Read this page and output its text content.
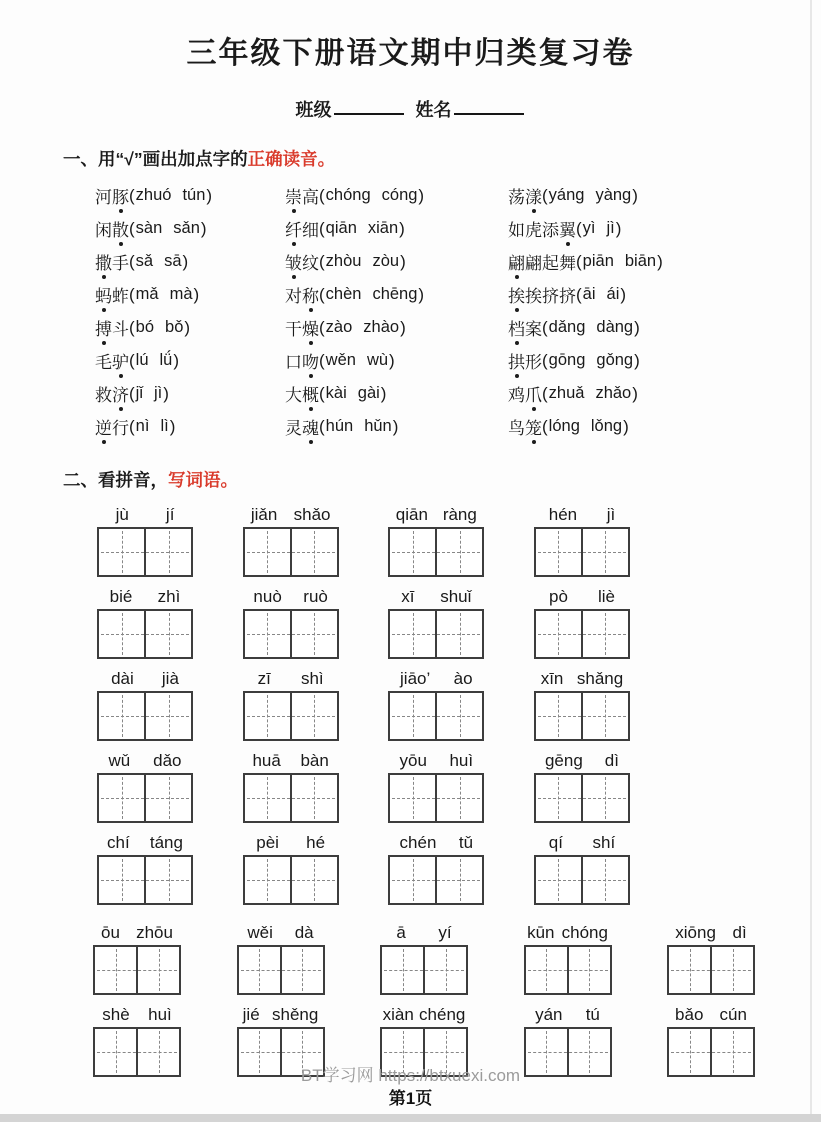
三年级下册语文期中归类复习卷
班级	姓名
一、用“√”画出加点字的正确读音。
河豚 ( zhuó tún )
闲散 ( sàn sǎn )
撒手 ( sǎ sā )
蚂蚱 ( mǎ mà )
搏斗 ( bó bǒ )
毛驴 ( lú lǘ )
救济 ( jǐ jì )
逆行 ( nì lì )
崇高 ( chóng cóng )
纤细 ( qiān xiān )
皱纹 ( zhòu zòu )
对称 ( chèn chēng )
干燥 ( zào zhào )
口吻 ( wěn wù )
大概 ( kài gài )
灵魂 ( hún hǔn )
荡漾 ( yáng yàng )
如虎添翼 ( yì jì )
翩翩起舞 ( piān biān )
挨挨挤挤 ( āi ái )
档案 ( dǎng dàng )
拱形 ( gōng gǒng )
鸡爪 ( zhuǎ zhǎo )
鸟笼 ( lóng lǒng )
二、看拼音，写词语。
jù jí	jiǎn shǎo	qiān ràng	hén jì
bié zhì	nuò ruò	xī shuǐ	pò liè
dài jià	zī shì	jiāo’ ào	xīn shǎng
wǔ dǎo	huā bàn	yōu huì	gēng dì
chí táng	pèi hé	chén tǔ	qí shí
ōu zhōu	wěi dà	ā yí	kūn chóng	xiōng dì
shè huì	jié shěng	xiàn chéng	yán tú	bǎo cún
BT学习网 https://btxuexi.com
第1页
